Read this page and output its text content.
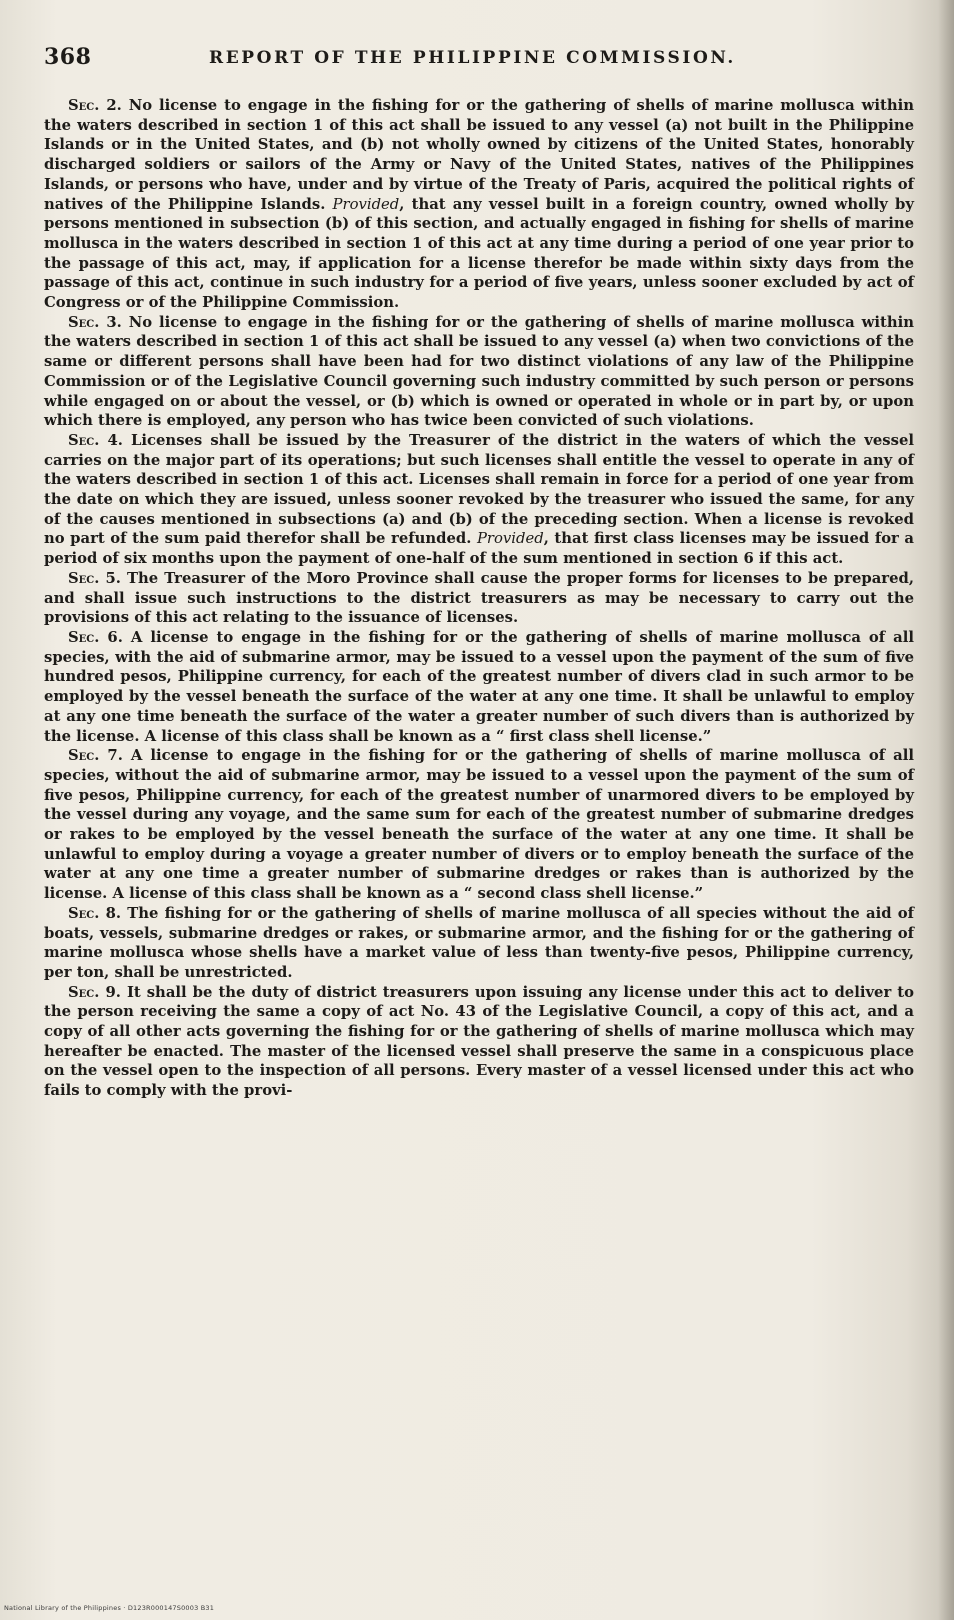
368	REPORT OF THE PHILIPPINE COMMISSION.

Sec. 2. No license to engage in the fishing for or the gathering of shells of marine mollusca within the waters described in section 1 of this act shall be issued to any vessel (a) not built in the Philippine Islands or in the United States, and (b) not wholly owned by citizens of the United States, honorably discharged soldiers or sailors of the Army or Navy of the United States, natives of the Philippines Islands, or persons who have, under and by virtue of the Treaty of Paris, acquired the political rights of natives of the Philippine Islands. Provided, that any vessel built in a foreign country, owned wholly by persons mentioned in subsection (b) of this section, and actually engaged in fishing for shells of marine mollusca in the waters described in section 1 of this act at any time during a period of one year prior to the passage of this act, may, if application for a license therefor be made within sixty days from the passage of this act, continue in such industry for a period of five years, unless sooner excluded by act of Congress or of the Philippine Commission.

Sec. 3. No license to engage in the fishing for or the gathering of shells of marine mollusca within the waters described in section 1 of this act shall be issued to any vessel (a) when two convictions of the same or different persons shall have been had for two distinct violations of any law of the Philippine Commission or of the Legislative Council governing such industry committed by such person or persons while engaged on or about the vessel, or (b) which is owned or operated in whole or in part by, or upon which there is employed, any person who has twice been convicted of such violations.

Sec. 4. Licenses shall be issued by the Treasurer of the district in the waters of which the vessel carries on the major part of its operations; but such licenses shall entitle the vessel to operate in any of the waters described in section 1 of this act. Licenses shall remain in force for a period of one year from the date on which they are issued, unless sooner revoked by the treasurer who issued the same, for any of the causes mentioned in subsections (a) and (b) of the preceding section. When a license is revoked no part of the sum paid therefor shall be refunded. Provided, that first class licenses may be issued for a period of six months upon the payment of one-half of the sum mentioned in section 6 if this act.

Sec. 5. The Treasurer of the Moro Province shall cause the proper forms for licenses to be prepared, and shall issue such instructions to the district treasurers as may be necessary to carry out the provisions of this act relating to the issuance of licenses.

Sec. 6. A license to engage in the fishing for or the gathering of shells of marine mollusca of all species, with the aid of submarine armor, may be issued to a vessel upon the payment of the sum of five hundred pesos, Philippine currency, for each of the greatest number of divers clad in such armor to be employed by the vessel beneath the surface of the water at any one time. It shall be unlawful to employ at any one time beneath the surface of the water a greater number of such divers than is authorized by the license. A license of this class shall be known as a “ first class shell license.”

Sec. 7. A license to engage in the fishing for or the gathering of shells of marine mollusca of all species, without the aid of submarine armor, may be issued to a vessel upon the payment of the sum of five pesos, Philippine currency, for each of the greatest number of unarmored divers to be employed by the vessel during any voyage, and the same sum for each of the greatest number of submarine dredges or rakes to be employed by the vessel beneath the surface of the water at any one time. It shall be unlawful to employ during a voyage a greater number of divers or to employ beneath the surface of the water at any one time a greater number of submarine dredges or rakes than is authorized by the license. A license of this class shall be known as a “ second class shell license.”

Sec. 8. The fishing for or the gathering of shells of marine mollusca of all species without the aid of boats, vessels, submarine dredges or rakes, or submarine armor, and the fishing for or the gathering of marine mollusca whose shells have a market value of less than twenty-five pesos, Philippine currency, per ton, shall be unrestricted.

Sec. 9. It shall be the duty of district treasurers upon issuing any license under this act to deliver to the person receiving the same a copy of act No. 43 of the Legislative Council, a copy of this act, and a copy of all other acts governing the fishing for or the gathering of shells of marine mollusca which may hereafter be enacted. The master of the licensed vessel shall preserve the same in a conspicuous place on the vessel open to the inspection of all persons. Every master of a vessel licensed under this act who fails to comply with the provi-

National Library of the Philippines · D123R000147S0003 B31
